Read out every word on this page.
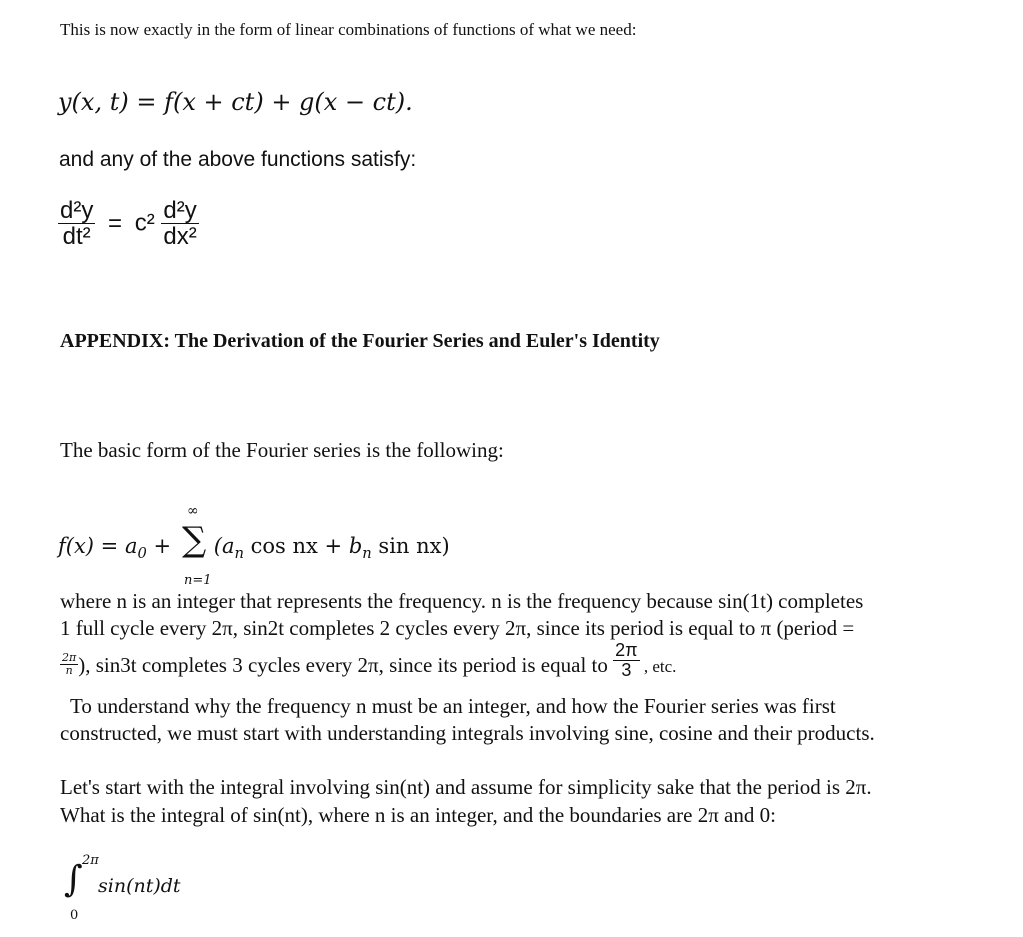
This is now exactly in the form of linear combinations of functions of what we need:
y(x, t) = f(x + ct) + g(x − ct).
and any of the above functions satisfy:
$\frac{\text{d²y}}{\text{dt²}} = c^2 \frac{\text{d²y}}{\text{dx²}}$
APPENDIX: The Derivation of the Fourier Series and Euler's Identity
The basic form of the Fourier series is the following:
$f(x) = a_0 + (a_n$ cos nx + $b_n$ sin nx)
∞
∑
n=1
where n is an integer that represents the frequency. n is the frequency because sin(1t) completes
1 full cycle every 2π, sin2t completes 2 cycles every 2π, since its period is equal to π (period =
$\frac{2\pi}{n}$ ), sin3t completes 3 cycles every 2π, since its period is equal to $\frac{2\pi}{3}$ , etc.
To understand why the frequency n must be an integer, and how the Fourier series was first
constructed, we must start with understanding integrals involving sine, cosine and their products.
Let's start with the integral involving sin(nt) and assume for simplicity sake that the period is 2π.
What is the integral of sin(nt), where n is an integer, and the boundaries are 2π and 0:
∫ 2π
0
sin(nt)dt
